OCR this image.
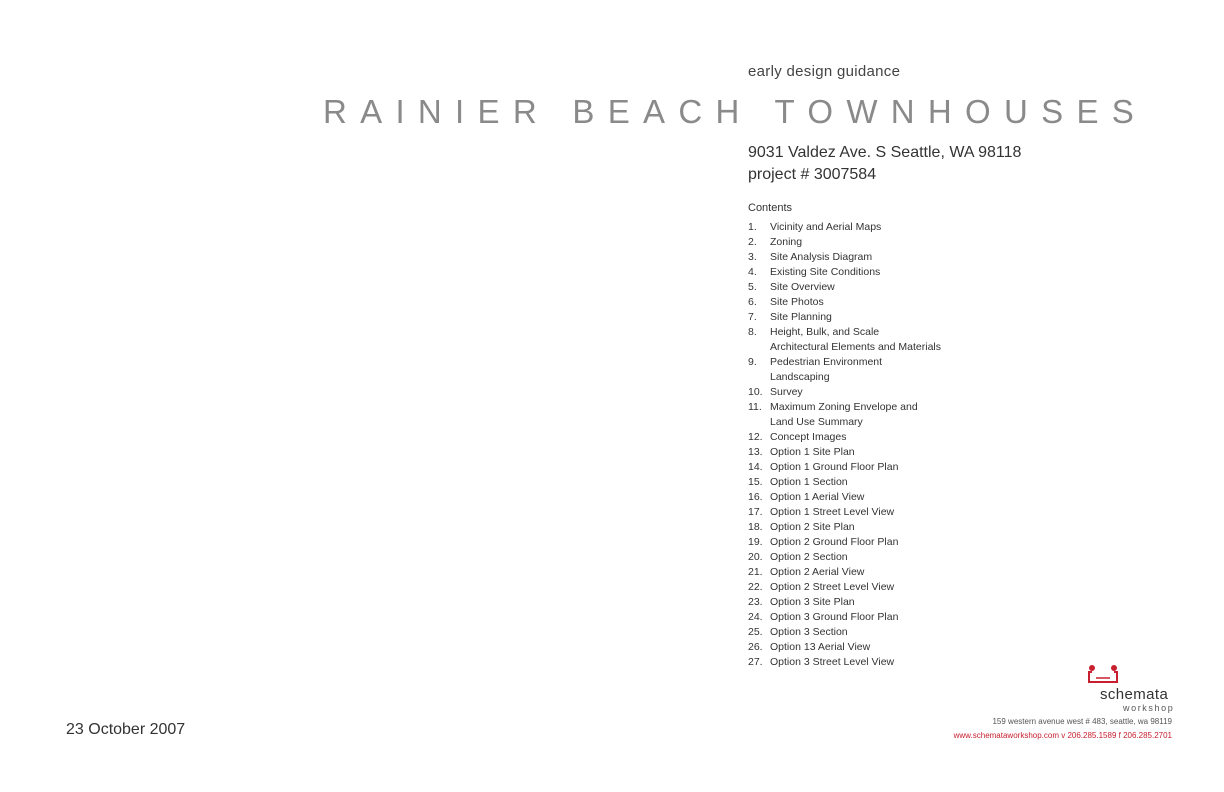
early design guidance
RAINIER BEACH TOWNHOUSES
9031 Valdez Ave. S Seattle, WA 98118
project # 3007584
Contents
1.	Vicinity and Aerial Maps
2.	Zoning
3.	Site Analysis Diagram
4.	Existing Site Conditions
5.	Site Overview
6.	Site Photos
7.	Site Planning
8.	Height, Bulk, and Scale
Architectural Elements and Materials
9.	Pedestrian Environment
Landscaping
10. Survey
11. Maximum Zoning Envelope and
Land Use Summary
12. Concept Images
13. Option 1 Site Plan
14. Option 1 Ground Floor Plan
15. Option 1 Section
16. Option 1 Aerial View
17. Option 1 Street Level View
18. Option 2 Site Plan
19. Option 2 Ground Floor Plan
20. Option 2 Section
21. Option 2 Aerial View
22. Option 2 Street Level View
23. Option 3 Site Plan
24. Option 3 Ground Floor Plan
25. Option 3 Section
26. Option 13 Aerial View
27. Option 3 Street Level View
23 October 2007
schemata
workshop
159 western avenue west # 483, seattle, wa 98119
www.schemataworkshop.com v 206.285.1589 f 206.285.2701
